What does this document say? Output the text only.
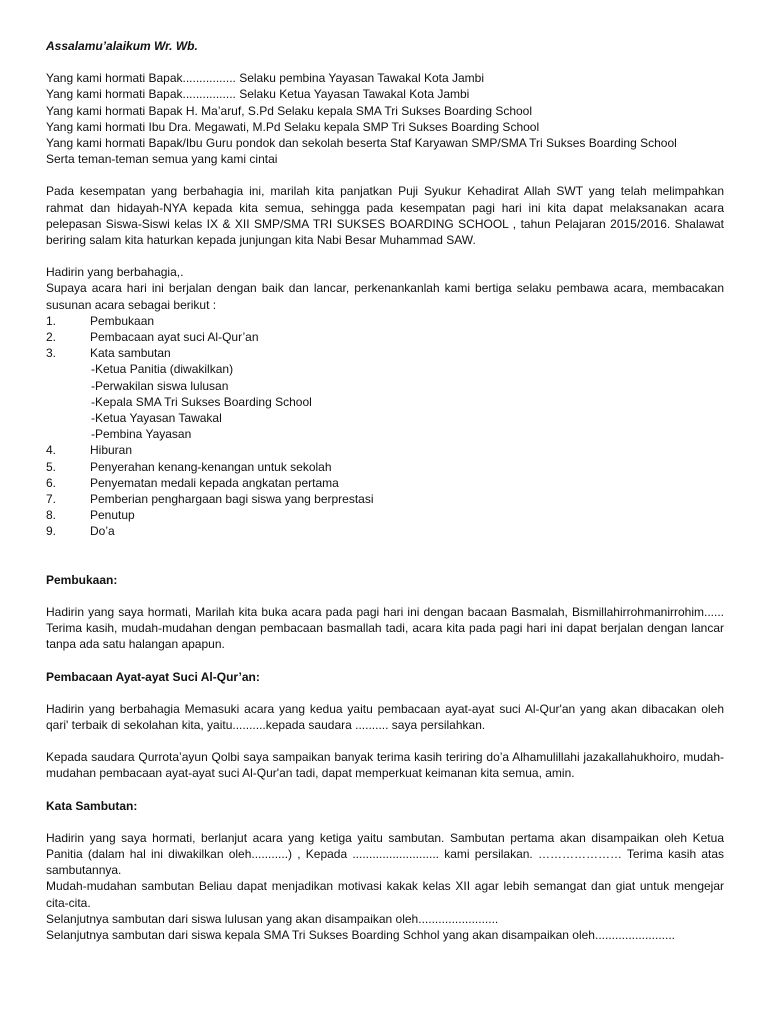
Assalamu’alaikum Wr. Wb.

Yang kami hormati Bapak................ Selaku pembina Yayasan Tawakal Kota Jambi

Yang kami hormati Bapak................ Selaku Ketua Yayasan Tawakal Kota Jambi

Yang kami hormati Bapak H. Ma’aruf, S.Pd Selaku kepala SMA Tri Sukses Boarding School

Yang kami hormati Ibu Dra. Megawati, M.Pd Selaku kepala SMP Tri Sukses Boarding School

Yang kami hormati Bapak/Ibu Guru pondok dan sekolah beserta Staf Karyawan SMP/SMA Tri Sukses Boarding School

Serta teman-teman semua yang kami cintai

Pada kesempatan yang berbahagia ini, marilah kita panjatkan Puji Syukur Kehadirat Allah SWT yang telah melimpahkan rahmat dan hidayah-NYA kepada kita semua, sehingga pada kesempatan pagi hari ini kita dapat melaksanakan acara pelepasan Siswa-Siswi kelas IX & XII SMP/SMA TRI SUKSES BOARDING SCHOOL , tahun Pelajaran 2015/2016. Shalawat beriring salam kita haturkan kepada junjungan kita Nabi Besar Muhammad SAW.

Hadirin yang berbahagia,.

Supaya acara hari ini berjalan dengan baik dan lancar, perkenankanlah kami bertiga selaku pembawa acara, membacakan susunan acara sebagai berikut :

1.	Pembukaan
2.	Pembacaan ayat suci Al-Qur’an
3.	Kata sambutan

-Ketua Panitia (diwakilkan)

-Perwakilan siswa lulusan

-Kepala SMA Tri Sukses Boarding School

-Ketua Yayasan Tawakal

-Pembina Yayasan

4.	Hiburan
5.	Penyerahan kenang-kenangan untuk sekolah
6.	Penyematan medali kepada angkatan pertama
7.	Pemberian penghargaan bagi siswa yang berprestasi
8.	Penutup
9.	Do’a

Pembukaan:

Hadirin yang saya hormati, Marilah kita buka acara pada pagi hari ini dengan bacaan Basmalah, Bismillahirrohmanirrohim...... Terima kasih, mudah-mudahan dengan pembacaan basmallah tadi, acara kita pada pagi hari ini dapat berjalan dengan lancar tanpa ada satu halangan apapun.

Pembacaan Ayat-ayat Suci Al-Qur’an:

Hadirin yang berbahagia Memasuki acara yang kedua yaitu pembacaan ayat-ayat suci Al-Qur'an yang akan dibacakan oleh qari' terbaik di sekolahan kita, yaitu..........kepada saudara .......... saya persilahkan.

Kepada saudara Qurrota’ayun Qolbi saya sampaikan banyak terima kasih teriring do’a Alhamulillahi jazakallahukhoiro, mudah-mudahan pembacaan ayat-ayat suci Al-Qur'an tadi, dapat memperkuat keimanan kita semua, amin.

Kata Sambutan:

Hadirin yang saya hormati, berlanjut acara yang ketiga yaitu sambutan. Sambutan pertama akan disampaikan oleh Ketua Panitia (dalam hal ini diwakilkan oleh...........) , Kepada .......................... kami persilakan. ………………… Terima kasih atas sambutannya.

Mudah-mudahan sambutan Beliau dapat menjadikan motivasi kakak kelas XII agar lebih semangat dan giat untuk mengejar cita-cita.

Selanjutnya sambutan dari siswa lulusan yang akan disampaikan oleh........................

Selanjutnya sambutan dari siswa kepala SMA Tri Sukses Boarding Schhol yang akan disampaikan oleh........................
